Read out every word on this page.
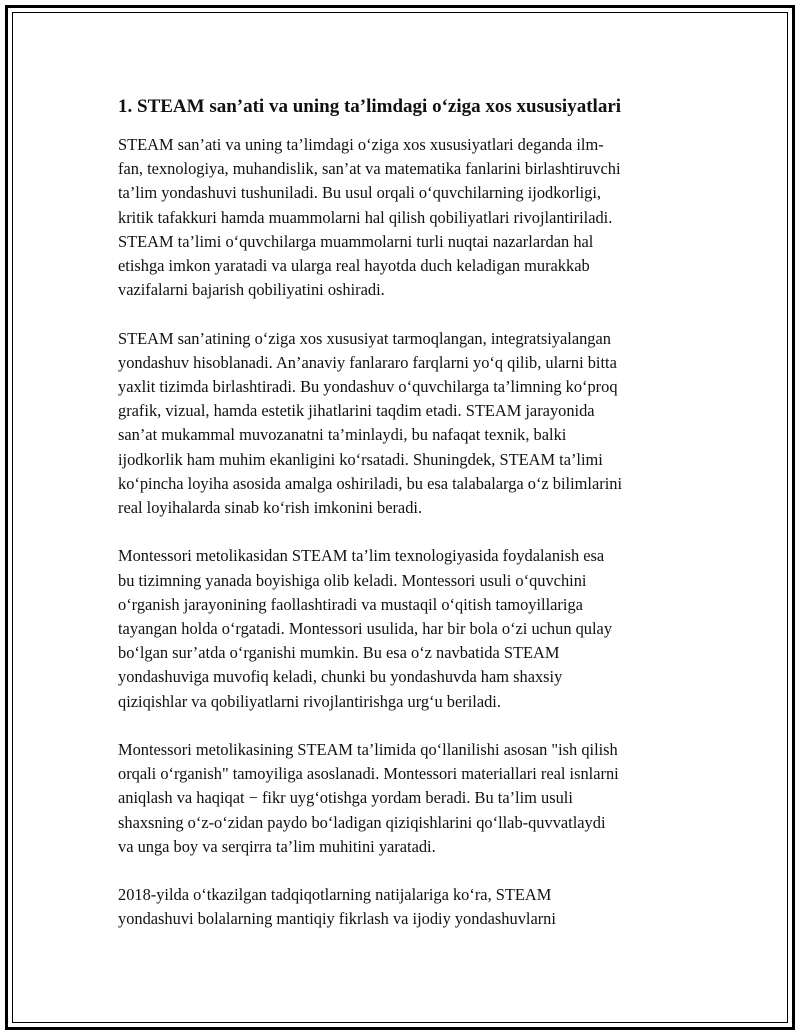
1. STEAM san’ati va uning ta’limdagi o‘ziga xos xususiyatlari
STEAM san’ati va uning ta’limdagi o‘ziga xos xususiyatlari deganda ilm-
fan, texnologiya, muhandislik, san’at va matematika fanlarini birlashtiruvchi
ta’lim yondashuvi tushuniladi. Bu usul orqali o‘quvchilarning ijodkorligi,
kritik tafakkuri hamda muammolarni hal qilish qobiliyatlari rivojlantiriladi.
STEAM ta’limi o‘quvchilarga muammolarni turli nuqtai nazarlardan hal
etishga imkon yaratadi va ularga real hayotda duch keladigan murakkab
vazifalarni bajarish qobiliyatini oshiradi.
STEAM san’atining o‘ziga xos xususiyat tarmoqlangan, integratsiyalangan
yondashuv hisoblanadi. An’anaviy fanlararo farqlarni yo‘q qilib, ularni bitta
yaxlit tizimda birlashtiradi. Bu yondashuv o‘quvchilarga ta’limning ko‘proq
grafik, vizual, hamda estetik jihatlarini taqdim etadi. STEAM jarayonida
san’at mukammal muvozanatni ta’minlaydi, bu nafaqat texnik, balki
ijodkorlik ham muhim ekanligini ko‘rsatadi. Shuningdek, STEAM ta’limi
ko‘pincha loyiha asosida amalga oshiriladi, bu esa talabalarga o‘z bilimlarini
real loyihalarda sinab ko‘rish imkonini beradi.
Montessori metolikasidan STEAM ta’lim texnologiyasida foydalanish esa
bu tizimning yanada boyishiga olib keladi. Montessori usuli o‘quvchini
o‘rganish jarayonining faollashtiradi va mustaqil o‘qitish tamoyillariga
tayangan holda o‘rgatadi. Montessori usulida, har bir bola o‘zi uchun qulay
bo‘lgan sur’atda o‘rganishi mumkin. Bu esa o‘z navbatida STEAM
yondashuviga muvofiq keladi, chunki bu yondashuvda ham shaxsiy
qiziqishlar va qobiliyatlarni rivojlantirishga urg‘u beriladi.
Montessori metolikasining STEAM ta’limida qo‘llanilishi asosan "ish qilish
orqali o‘rganish" tamoyiliga asoslanadi. Montessori materiallari real isnlarni
aniqlash va haqiqat − fikr uyg‘otishga yordam beradi. Bu ta’lim usuli
shaxsning o‘z-o‘zidan paydo bo‘ladigan qiziqishlarini qo‘llab-quvvatlaydi
va unga boy va serqirra ta’lim muhitini yaratadi.
2018-yilda o‘tkazilgan tadqiqotlarning natijalariga ko‘ra, STEAM
yondashuvi bolalarning mantiqiy fikrlash va ijodiy yondashuvlarni
